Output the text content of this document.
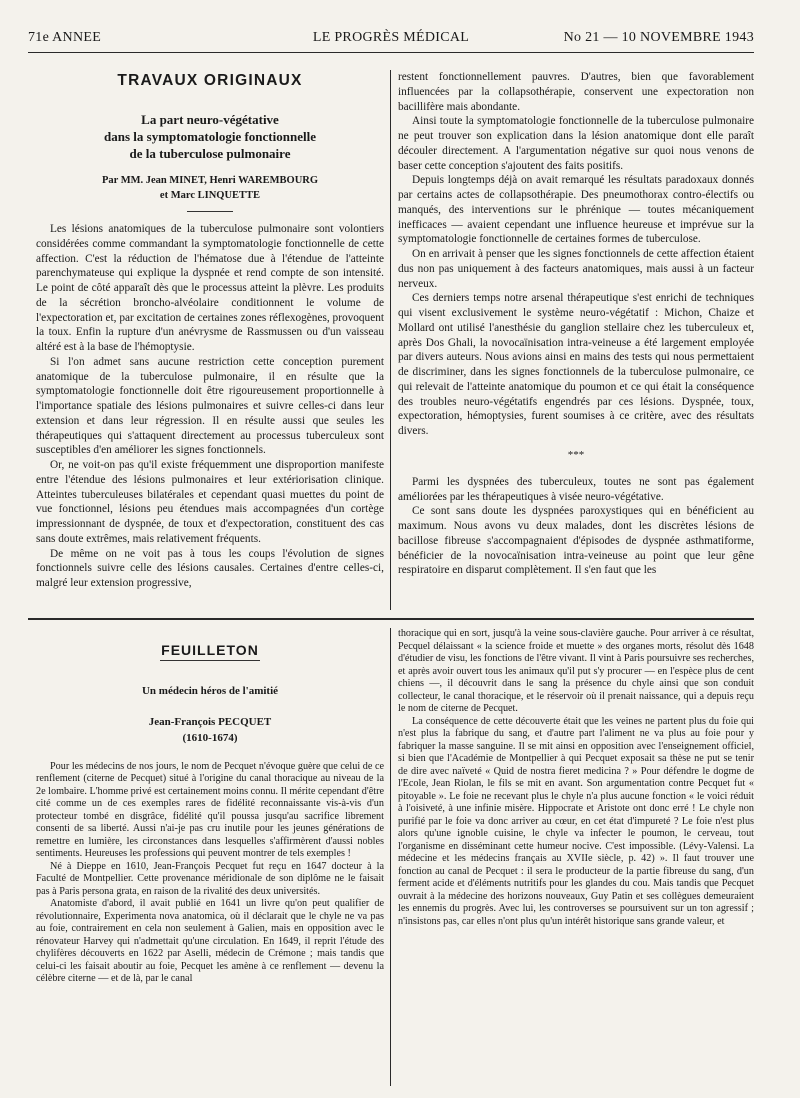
71e ANNEE	LE PROGRÈS MÉDICAL	No 21 — 10 NOVEMBRE 1943
TRAVAUX ORIGINAUX
La part neuro-végétative
dans la symptomatologie fonctionnelle
de la tuberculose pulmonaire
Par MM. Jean MINET, Henri WAREMBOURG
et Marc LINQUETTE

Les lésions anatomiques de la tuberculose pulmonaire sont volontiers considérées comme commandant la symptomatologie fonctionnelle de cette affection. C'est la réduction de l'hématose due à l'étendue de l'atteinte parenchymateuse qui explique la dyspnée et rend compte de son intensité. Le point de côté apparaît dès que le processus atteint la plèvre. Les produits de la sécrétion broncho-alvéolaire conditionnent le volume de l'expectoration et, par excitation de certaines zones réflexogènes, provoquent la toux. Enfin la rupture d'un anévrysme de Rassmussen ou d'un vaisseau altéré est à la base de l'hémoptysie.

Si l'on admet sans aucune restriction cette conception purement anatomique de la tuberculose pulmonaire, il en résulte que la symptomatologie fonctionnelle doit être rigoureusement proportionnelle à l'importance spatiale des lésions pulmonaires et suivre celles-ci dans leur extension et dans leur régression. Il en résulte aussi que seules les thérapeutiques qui s'attaquent directement au processus tuberculeux sont susceptibles d'en améliorer les signes fonctionnels.

Or, ne voit-on pas qu'il existe fréquemment une disproportion manifeste entre l'étendue des lésions pulmonaires et leur extériorisation clinique. Atteintes tuberculeuses bilatérales et cependant quasi muettes du point de vue fonctionnel, lésions peu étendues mais accompagnées d'un cortège impressionnant de dyspnée, de toux et d'expectoration, constituent des cas sans doute extrêmes, mais relativement fréquents.

De même on ne voit pas à tous les coups l'évolution de signes fonctionnels suivre celle des lésions causales. Certaines d'entre celles-ci, malgré leur extension progressive,

restent fonctionnellement pauvres. D'autres, bien que favorablement influencées par la collapsothérapie, conservent une expectoration non bacillifère mais abondante.

Ainsi toute la symptomatologie fonctionnelle de la tuberculose pulmonaire ne peut trouver son explication dans la lésion anatomique dont elle paraît découler directement. A l'argumentation négative sur quoi nous venons de baser cette conception s'ajoutent des faits positifs.

Depuis longtemps déjà on avait remarqué les résultats paradoxaux donnés par certains actes de collapsothérapie. Des pneumothorax contro-électifs ou manqués, des interventions sur le phrénique — toutes mécaniquement inefficaces — avaient cependant une influence heureuse et imprévue sur la symptomatologie fonctionnelle de certaines formes de tuberculose.

On en arrivait à penser que les signes fonctionnels de cette affection étaient dus non pas uniquement à des facteurs anatomiques, mais aussi à un facteur nerveux.

Ces derniers temps notre arsenal thérapeutique s'est enrichi de techniques qui visent exclusivement le système neuro-végétatif : Michon, Chaize et Mollard ont utilisé l'anesthésie du ganglion stellaire chez les tuberculeux et, après Dos Ghali, la novocaïnisation intra-veineuse a été largement employée par divers auteurs. Nous avions ainsi en mains des tests qui nous permettaient de discriminer, dans les signes fonctionnels de la tuberculose pulmonaire, ce qui relevait de l'atteinte anatomique du poumon et ce qui était la conséquence des troubles neuro-végétatifs engendrés par ces lésions. Dyspnée, toux, expectoration, hémoptysies, furent soumises à ce critère, avec des résultats divers.

***

Parmi les dyspnées des tuberculeux, toutes ne sont pas également améliorées par les thérapeutiques à visée neuro-végétative.

Ce sont sans doute les dyspnées paroxystiques qui en bénéficient au maximum. Nous avons vu deux malades, dont les discrètes lésions de bacillose fibreuse s'accompagnaient d'épisodes de dyspnée asthmatiforme, bénéficier de la novocaïnisation intra-veineuse au point que leur gêne respiratoire en disparut complètement. Il s'en faut que les

FEUILLETON
Un médecin héros de l'amitié
Jean-François PECQUET
(1610-1674)

Pour les médecins de nos jours, le nom de Pecquet n'évoque guère que celui de ce renflement (citerne de Pecquet) situé à l'origine du canal thoracique au niveau de la 2e lombaire. L'homme privé est certainement moins connu. Il mérite cependant d'être cité comme un de ces exemples rares de fidélité reconnaissante vis-à-vis d'un protecteur tombé en disgrâce, fidélité qu'il poussa jusqu'au sacrifice librement consenti de sa liberté. Aussi n'ai-je pas cru inutile pour les jeunes générations de remettre en lumière, les circonstances dans lesquelles s'affirmèrent d'aussi nobles sentiments. Heureuses les professions qui peuvent montrer de tels exemples !

Né à Dieppe en 1610, Jean-François Pecquet fut reçu en 1647 docteur à la Faculté de Montpellier. Cette provenance méridionale de son diplôme ne le faisait pas à Paris persona grata, en raison de la rivalité des deux universités.

Anatomiste d'abord, il avait publié en 1641 un livre qu'on peut qualifier de révolutionnaire, Experimenta nova anatomica, où il déclarait que le chyle ne va pas au foie, contrairement en cela non seulement à Galien, mais en opposition avec le rénovateur Harvey qui n'admettait qu'une circulation. En 1649, il reprit l'étude des chylifères découverts en 1622 par Aselli, médecin de Crémone ; mais tandis que celui-ci les faisait aboutir au foie, Pecquet les amène à ce renflement — devenu la célèbre citerne — et de là, par le canal

thoracique qui en sort, jusqu'à la veine sous-clavière gauche. Pour arriver à ce résultat, Pecquel délaissant « la science froide et muette » des organes morts, résolut dès 1648 d'étudier de visu, les fonctions de l'être vivant. Il vint à Paris poursuivre ses recherches, et après avoir ouvert tous les animaux qu'il put s'y procurer — en l'espèce plus de cent chiens —, il découvrit dans le sang la présence du chyle ainsi que son conduit collecteur, le canal thoracique, et le réservoir où il prenait naissance, qui a depuis reçu le nom de citerne de Pecquet.

La conséquence de cette découverte était que les veines ne partent plus du foie qui n'est plus la fabrique du sang, et d'autre part l'aliment ne va plus au foie pour y fabriquer la masse sanguine. Il se mit ainsi en opposition avec l'enseignement officiel, si bien que l'Académie de Montpellier à qui Pecquet exposait sa thèse ne put se tenir de dire avec naïveté « Quid de nostra fieret medicina ? » Pour défendre le dogme de l'Ecole, Jean Riolan, le fils se mit en avant. Son argumentation contre Pecquet fut « pitoyable ». Le foie ne recevant plus le chyle n'a plus aucune fonction « le voici réduit à l'oisiveté, à une infinie misère. Hippocrate et Aristote ont donc erré ! Le chyle non purifié par le foie va donc arriver au cœur, en cet état d'impureté ? Le foie n'est plus alors qu'une ignoble cuisine, le chyle va infecter le poumon, le cerveau, tout l'organisme en disséminant cette humeur nocive. C'est impossible. (Lévy-Valensi. La médecine et les médecins français au XVIIe siècle, p. 42) ». Il faut trouver une fonction au canal de Pecquet : il sera le producteur de la partie fibreuse du sang, d'un ferment acide et d'éléments nutritifs pour les glandes du cou. Mais tandis que Pecquet ouvrait à la médecine des horizons nouveaux, Guy Patin et ses collègues demeuraient les ennemis du progrès. Avec lui, les controverses se poursuivent sur un ton agressif ; n'insistons pas, car elles n'ont plus qu'un intérêt historique sans grande valeur, et
